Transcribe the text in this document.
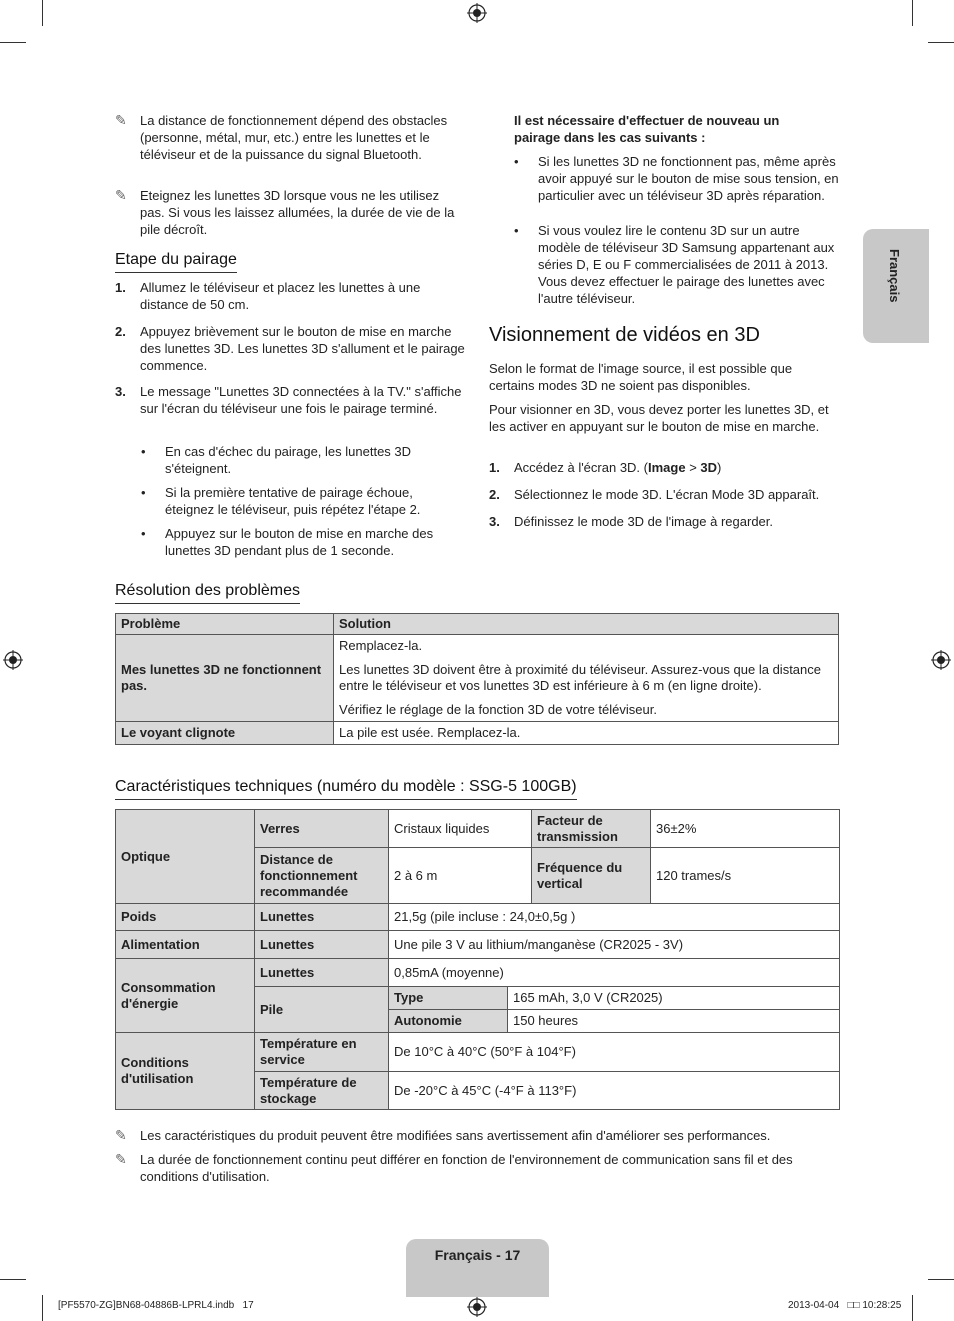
✎	La distance de fonctionnement dépend des obstacles (personne, métal, mur, etc.) entre les lunettes et le téléviseur et de la puissance du signal Bluetooth.
✎	Eteignez les lunettes 3D lorsque vous ne les utilisez pas. Si vous les laissez allumées, la durée de vie de la pile décroît.
Etape du pairage
1.	Allumez le téléviseur et placez les lunettes à une distance de 50 cm.
2.	Appuyez brièvement sur le bouton de mise en marche des lunettes 3D. Les lunettes 3D s'allument et le pairage commence.
3.	Le message "Lunettes 3D connectées à la TV." s'affiche sur l'écran du téléviseur une fois le pairage terminé.
•	En cas d'échec du pairage, les lunettes 3D s'éteignent.
•	Si la première tentative de pairage échoue, éteignez le téléviseur, puis répétez l'étape 2.
•	Appuyez sur le bouton de mise en marche des lunettes 3D pendant plus de 1 seconde.
Il est nécessaire d'effectuer de nouveau un pairage dans les cas suivants :
•	Si les lunettes 3D ne fonctionnent pas, même après avoir appuyé sur le bouton de mise sous tension, en particulier avec un téléviseur 3D après réparation.
•	Si vous voulez lire le contenu 3D sur un autre modèle de téléviseur 3D Samsung appartenant aux séries D, E ou F commercialisées de 2011 à 2013. Vous devez effectuer le pairage des lunettes avec l'autre téléviseur.
Visionnement de vidéos en 3D
Selon le format de l'image source, il est possible que certains modes 3D ne soient pas disponibles.
Pour visionner en 3D, vous devez porter les lunettes 3D, et les activer en appuyant sur le bouton de mise en marche.
1.	Accédez à l'écran 3D. (Image > 3D)
2.	Sélectionnez le mode 3D. L'écran Mode 3D apparaît.
3.	Définissez le mode 3D de l'image à regarder.
Résolution des problèmes
Problème	Solution
Mes lunettes 3D ne fonctionnent pas.	Remplacez-la.
Les lunettes 3D doivent être à proximité du téléviseur. Assurez-vous que la distance entre le téléviseur et vos lunettes 3D est inférieure à 6 m (en ligne droite).
Vérifiez le réglage de la fonction 3D de votre téléviseur.

Le voyant clignote	La pile est usée. Remplacez-la.
Caractéristiques techniques (numéro du modèle : SSG-5 100GB)
Optique	Verres	Cristaux liquides		Facteur de transmission	36±2%
	Distance de fonctionnement recommandée	2 à 6 m		Fréquence du vertical	120 trames/s
Poids	Lunettes	21,5g (pile incluse : 24,0±0,5g )			
Alimentation	Lunettes	Une pile 3 V au lithium/manganèse (CR2025 - 3V)			
Consommation d'énergie	Lunettes	0,85mA (moyenne)			
	Pile	Type	165 mAh, 3,0 V (CR2025)		
		Autonomie	150 heures		
Conditions d'utilisation	Température en service	De 10°C à 40°C (50°F à 104°F)			
	Température de stockage	De -20°C à 45°C (-4°F à 113°F)			
✎	Les caractéristiques du produit peuvent être modifiées sans avertissement afin d'améliorer ses performances.
✎	La durée de fonctionnement continu peut différer en fonction de l'environnement de communication sans fil et des conditions d'utilisation.
Français
Français - 17
[PF5570-ZG]BN68-04886B-LPRL4.indb   17	2013-04-04   □□ 10:28:25
